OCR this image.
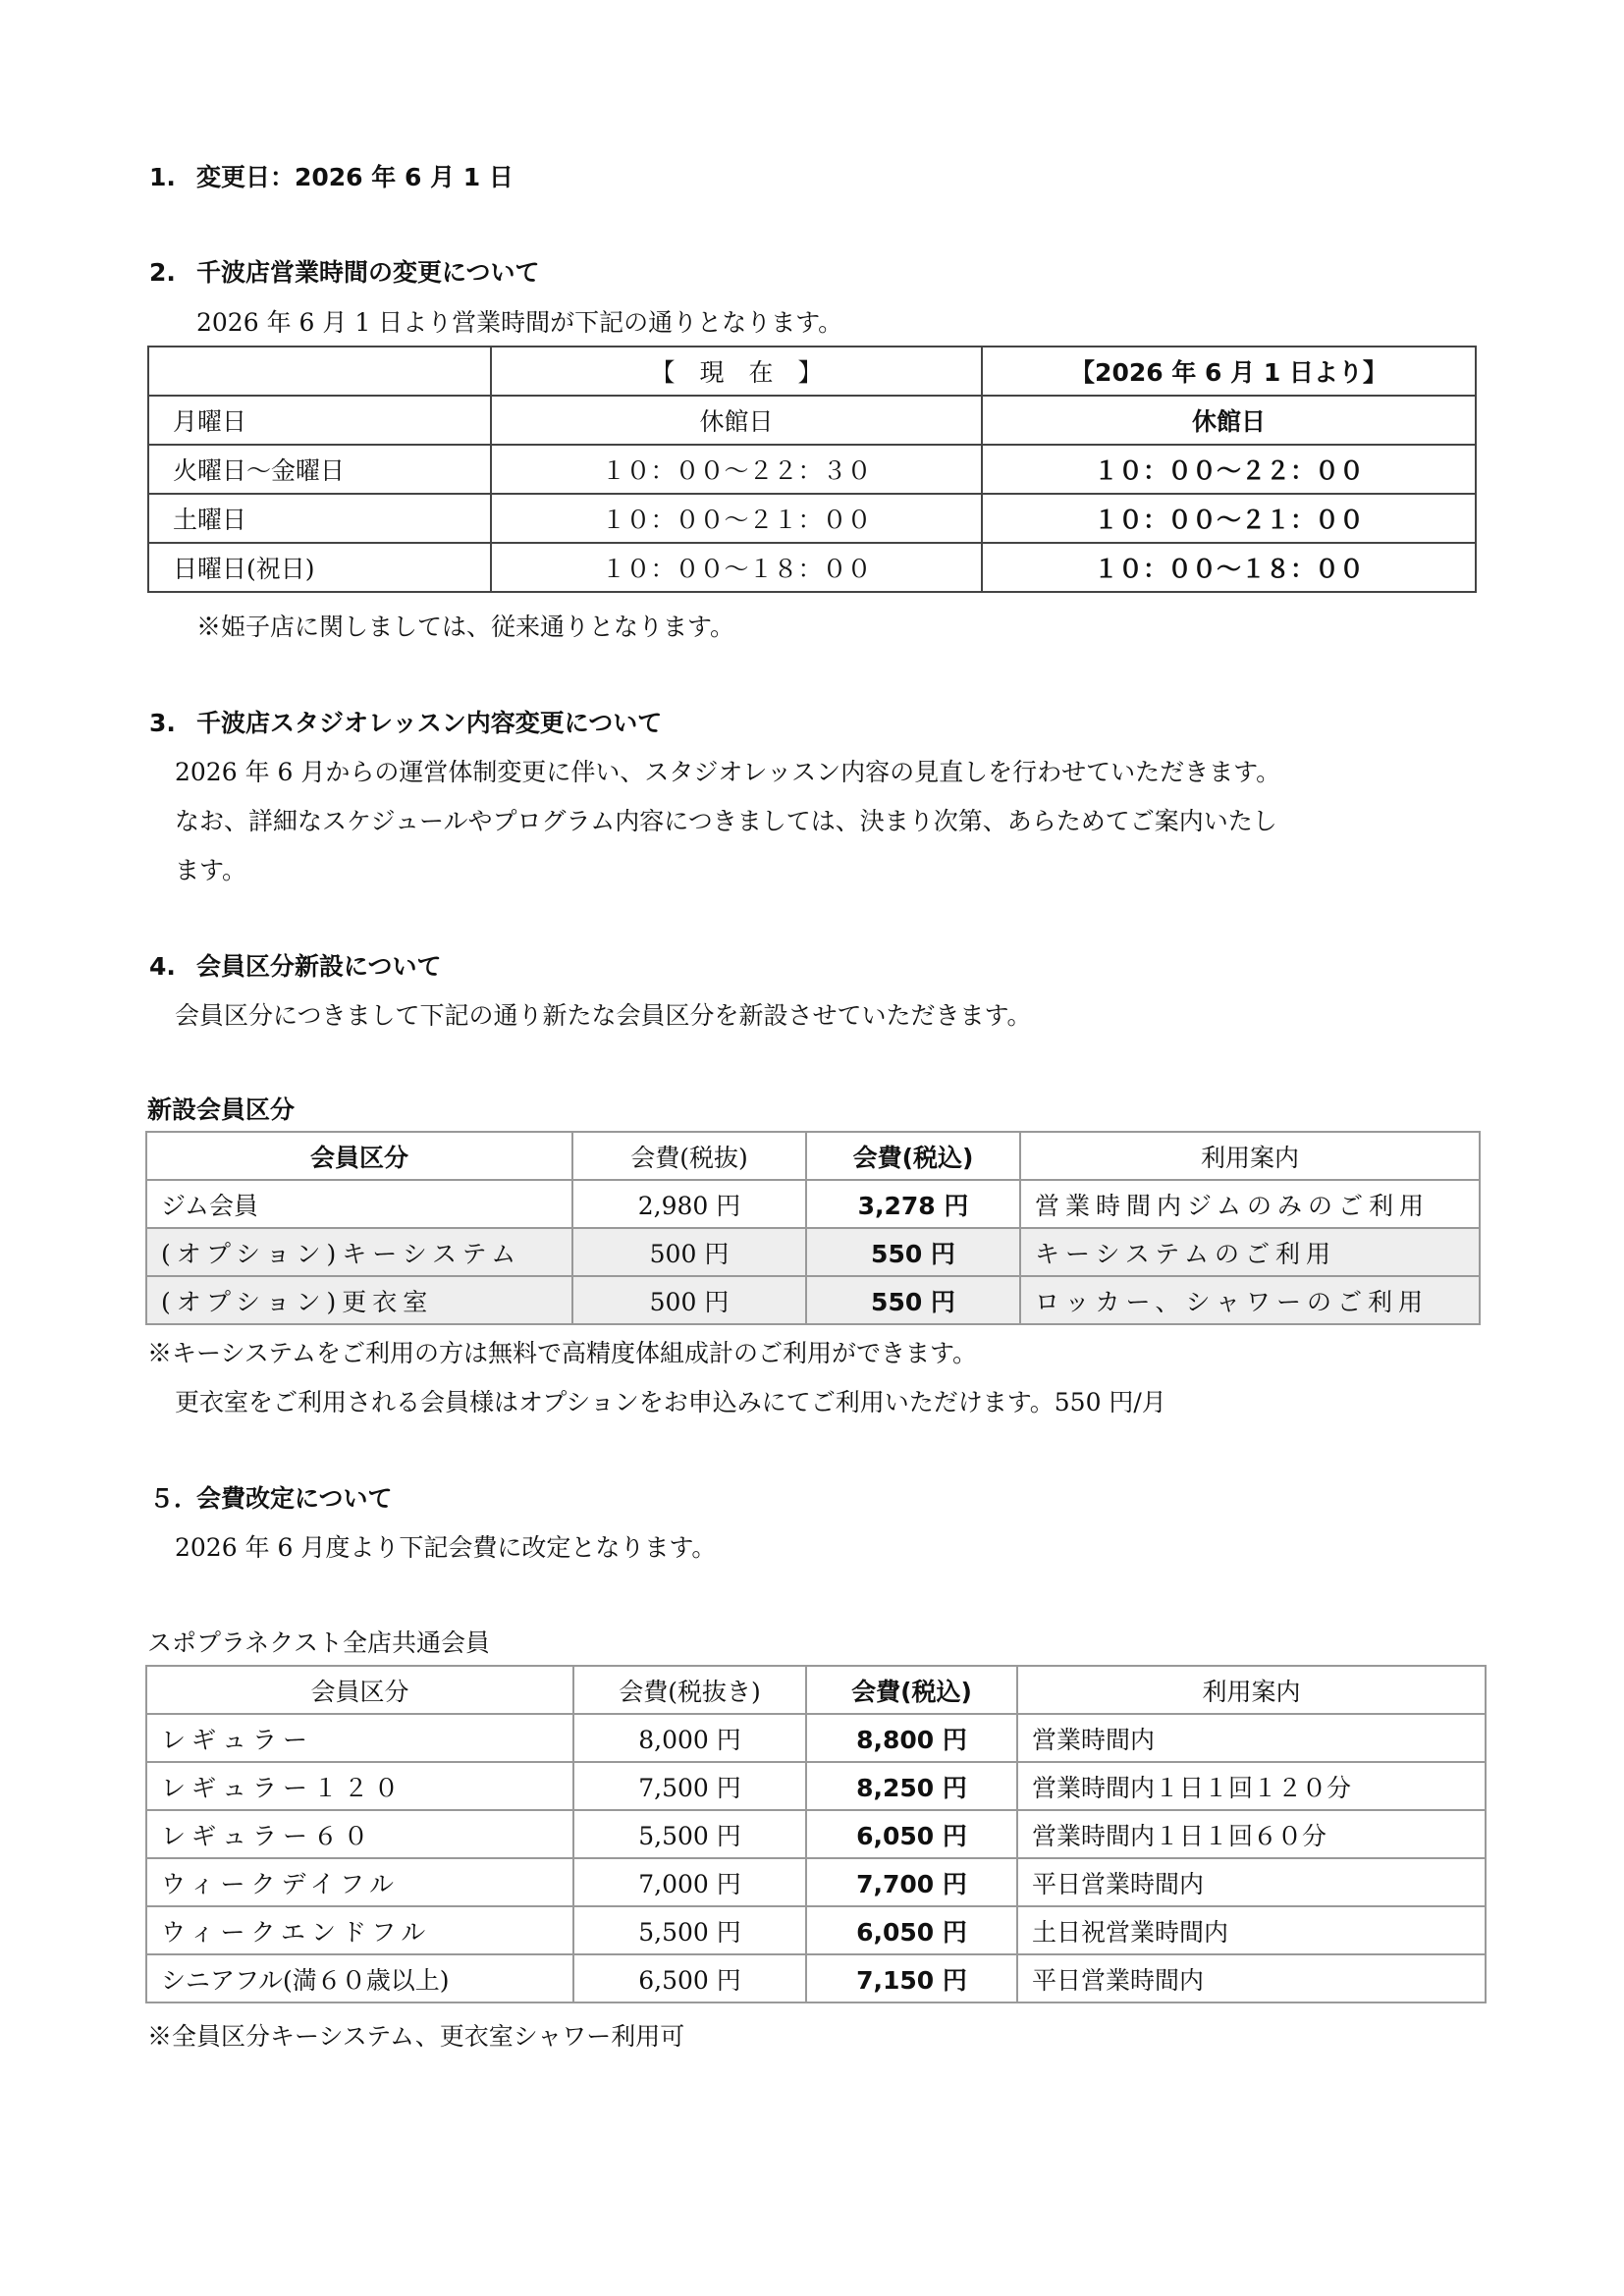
1. 変更日：2026 年 6 月 1 日
2. 千波店営業時間の変更について
2026 年 6 月 1 日より営業時間が下記の通りとなります。
	【　現　在　】	【2026 年 6 月 1 日より】
月曜日	休館日	休館日
火曜日～金曜日	１０：００～２２：３０	１０：００～２２：００
土曜日	１０：００～２１：００	１０：００～２１：００
日曜日(祝日)	１０：００～１８：００	１０：００～１８：００
※姫子店に関しましては、従来通りとなります。
3. 千波店スタジオレッスン内容変更について
2026 年 6 月からの運営体制変更に伴い、スタジオレッスン内容の見直しを行わせていただきます。
なお、詳細なスケジュールやプログラム内容につきましては、決まり次第、あらためてご案内いたし
ます。
4. 会員区分新設について
会員区分につきまして下記の通り新たな会員区分を新設させていただきます。
新設会員区分
会員区分	会費(税抜)	会費(税込)	利用案内
ジム会員	2,980 円	3,278 円	営業時間内ジムのみのご利用
(オプション)キーシステム	500 円	550 円	キーシステムのご利用
(オプション)更衣室	500 円	550 円	ロッカー、シャワーのご利用
※キーシステムをご利用の方は無料で高精度体組成計のご利用ができます。
更衣室をご利用される会員様はオプションをお申込みにてご利用いただけます。550 円/月
５．会費改定について
2026 年 6 月度より下記会費に改定となります。
スポプラネクスト全店共通会員
会員区分	会費(税抜き)	会費(税込)	利用案内
レギュラー	8,000 円	8,800 円	営業時間内
レギュラー１２０	7,500 円	8,250 円	営業時間内１日１回１２０分
レギュラー６０	5,500 円	6,050 円	営業時間内１日１回６０分
ウィークデイフル	7,000 円	7,700 円	平日営業時間内
ウィークエンドフル	5,500 円	6,050 円	土日祝営業時間内
シニアフル(満６０歳以上)	6,500 円	7,150 円	平日営業時間内
※全員区分キーシステム、更衣室シャワー利用可
